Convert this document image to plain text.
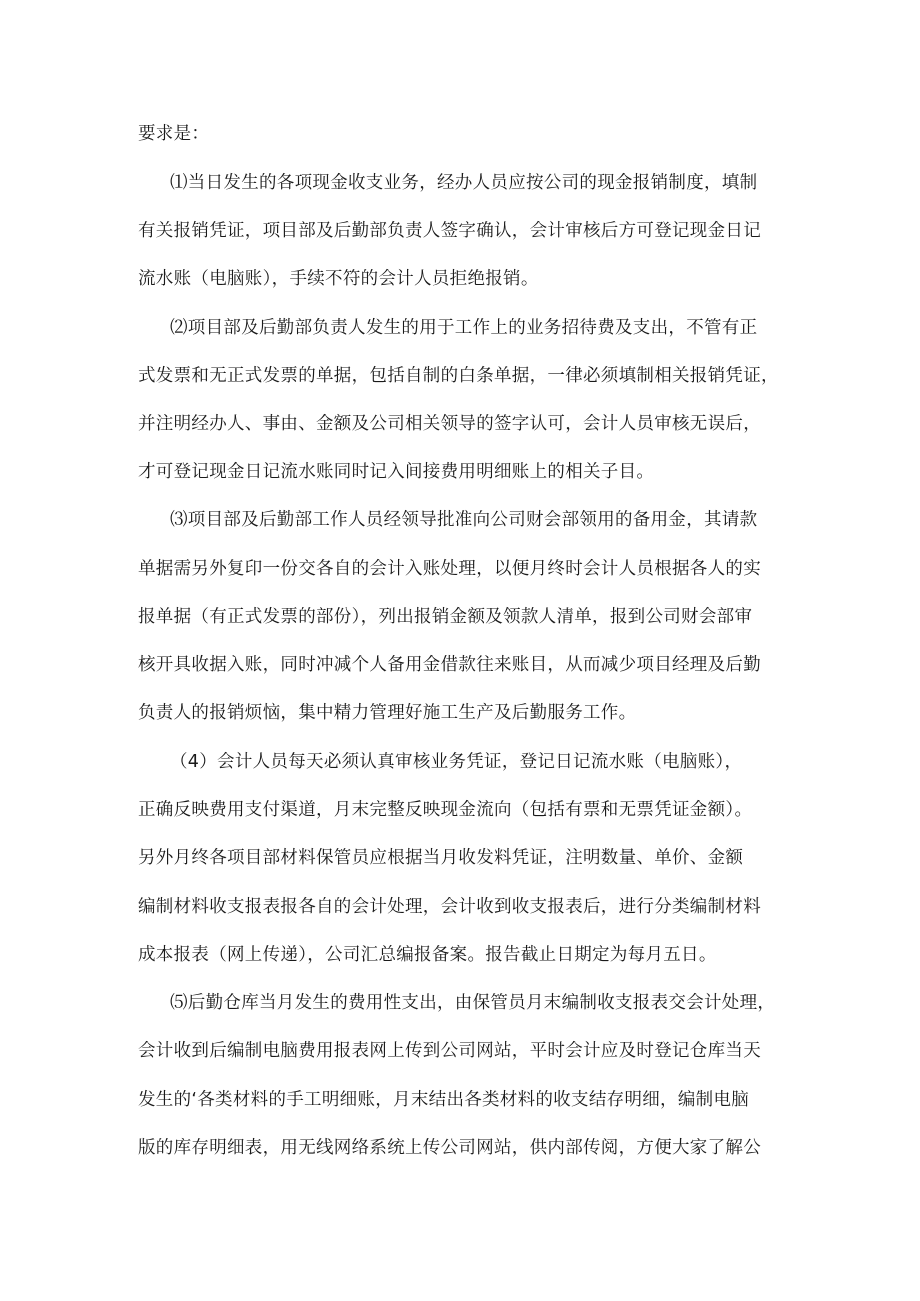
要求是：
⑴当日发生的各项现金收支业务，经办人员应按公司的现金报销制度，填制
有关报销凭证，项目部及后勤部负责人签字确认，会计审核后方可登记现金日记
流水账（电脑账），手续不符的会计人员拒绝报销。
⑵项目部及后勤部负责人发生的用于工作上的业务招待费及支出，不管有正
式发票和无正式发票的单据，包括自制的白条单据，一律必须填制相关报销凭证，
并注明经办人、事由、金额及公司相关领导的签字认可，会计人员审核无误后，
才可登记现金日记流水账同时记入间接费用明细账上的相关子目。
⑶项目部及后勤部工作人员经领导批准向公司财会部领用的备用金，其请款
单据需另外复印一份交各自的会计入账处理，以便月终时会计人员根据各人的实
报单据（有正式发票的部份），列出报销金额及领款人清单，报到公司财会部审
核开具收据入账，同时冲减个人备用金借款往来账目，从而减少项目经理及后勤
负责人的报销烦恼，集中精力管理好施工生产及后勤服务工作。
（4）会计人员每天必须认真审核业务凭证，登记日记流水账（电脑账），
正确反映费用支付渠道，月末完整反映现金流向（包括有票和无票凭证金额）。
另外月终各项目部材料保管员应根据当月收发料凭证，注明数量、单价、金额
编制材料收支报表报各自的会计处理，会计收到收支报表后，进行分类编制材料
成本报表（网上传递），公司汇总编报备案。报告截止日期定为每月五日。
⑸后勤仓库当月发生的费用性支出，由保管员月末编制收支报表交会计处理，
会计收到后编制电脑费用报表网上传到公司网站，平时会计应及时登记仓库当天
发生的‘各类材料的手工明细账，月末结出各类材料的收支结存明细，编制电脑
版的库存明细表，用无线网络系统上传公司网站，供内部传阅，方便大家了解公
